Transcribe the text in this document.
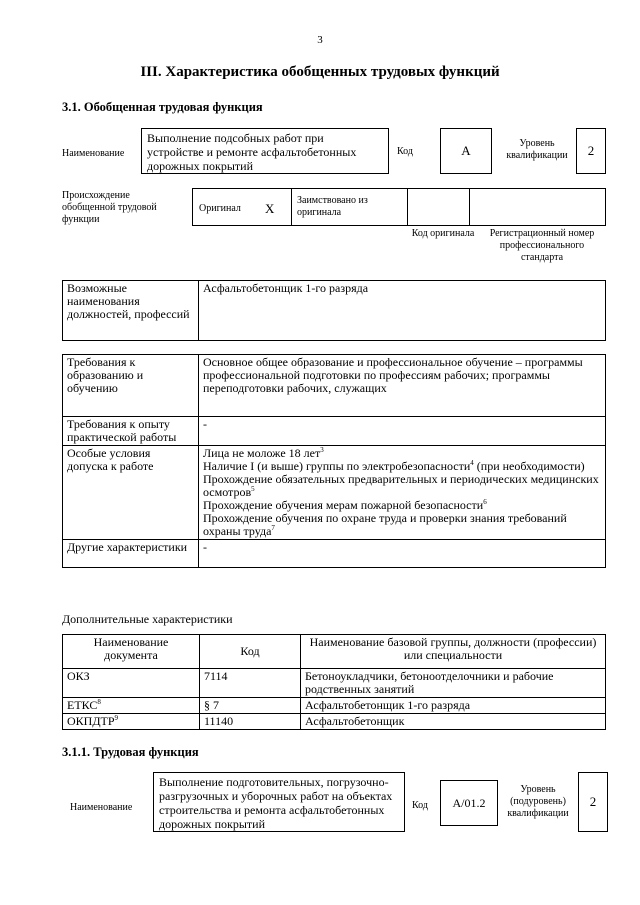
3
III. Характеристика обобщенных трудовых функций
3.1. Обобщенная трудовая функция
Наименование
Выполнение подсобных работ при устройстве и ремонте асфальтобетонных дорожных покрытий
Код	А	Уровень квалификации	2
Происхождение обобщенной трудовой функции
Оригинал Х
Заимствовано из оригинала
Код оригинала	Регистрационный номер профессионального стандарта
Возможные наименования должностей, профессий	Асфальтобетонщик 1-го разряда
Требования к образованию и обучению	Основное общее образование и профессиональное обучение – программы профессиональной подготовки по профессиям рабочих; программы переподготовки рабочих, служащих
Требования к опыту практической работы	-
Особые условия допуска к работе	Лица не моложе 18 лет$^3$
Наличие I (и выше) группы по электробезопасности$^4$ (при необходимости)
Прохождение обязательных предварительных и периодических медицинских осмотров$^5$
Прохождение обучения мерам пожарной безопасности$^6$
Прохождение обучения по охране труда и проверки знания требований охраны труда$^7$

Другие характеристики	-
Дополнительные характеристики
Наименование документа	Код	Наименование базовой группы, должности (профессии) или специальности
ОКЗ	7114	Бетоноукладчики, бетоноотделочники и рабочие родственных занятий
ЕТКС$^8$	§ 7	Асфальтобетонщик 1-го разряда
ОКПДТР$^9$	11140	Асфальтобетонщик
3.1.1. Трудовая функция
Наименование
Выполнение подготовительных, погрузочно-разгрузочных и уборочных работ на объектах строительства и ремонта асфальтобетонных дорожных покрытий
Код	A/01.2
Уровень (подуровень) квалификации
2
